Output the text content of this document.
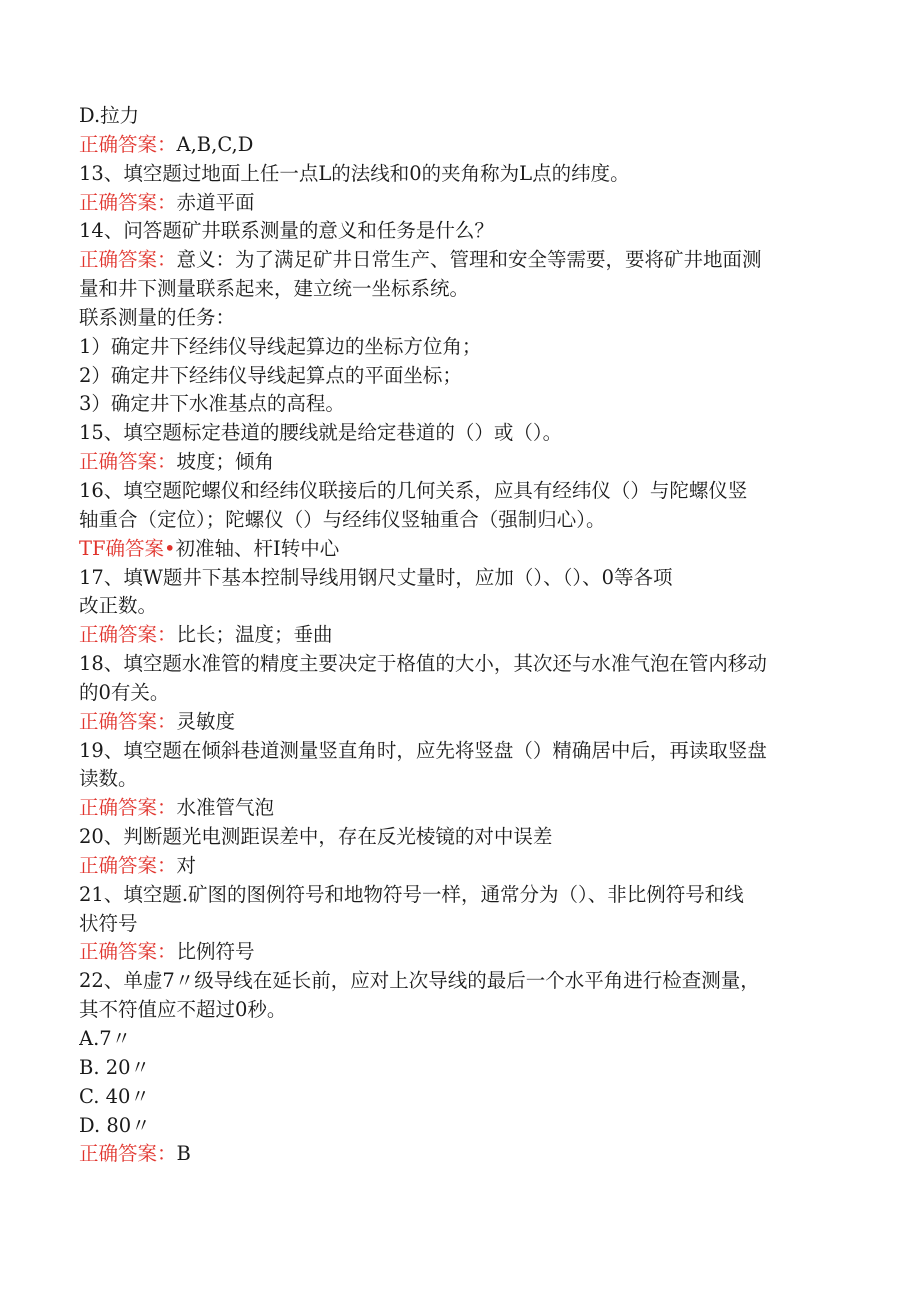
D.拉力
正确答案：A,B,C,D
13、填空题过地面上任一点L的法线和0的夹角称为L点的纬度。
正确答案：赤道平面
14、问答题矿井联系测量的意义和任务是什么？
正确答案：意义：为了满足矿井日常生产、管理和安全等需要，要将矿井地面测
量和井下测量联系起来，建立统一坐标系统。
联系测量的任务：
1）确定井下经纬仪导线起算边的坐标方位角；
2）确定井下经纬仪导线起算点的平面坐标；
3）确定井下水准基点的高程。
15、填空题标定巷道的腰线就是给定巷道的（）或（）。
正确答案：坡度；倾角
16、填空题陀螺仪和经纬仪联接后的几何关系，应具有经纬仪（）与陀螺仪竖
轴重合（定位）；陀螺仪（）与经纬仪竖轴重合（强制归心）。
TF确答案•初准轴、杆I转中心
17、填W题井下基本控制导线用钢尺丈量时，应加（）、（）、0等各项
改正数。
正确答案：比长；温度；垂曲
18、填空题水准管的精度主要决定于格值的大小，其次还与水准气泡在管内移动
的0有关。
正确答案：灵敏度
19、填空题在倾斜巷道测量竖直角时，应先将竖盘（）精确居中后，再读取竖盘
读数。
正确答案：水准管气泡
20、判断题光电测距误差中，存在反光棱镜的对中误差
正确答案：对
21、填空题.矿图的图例符号和地物符号一样，通常分为（）、非比例符号和线
状符号
正确答案：比例符号
22、单虚7〃级导线在延长前，应对上次导线的最后一个水平角进行检查测量，
其不符值应不超过0秒。
A.7〃
B. 20〃
C. 40〃
D. 80〃
正确答案：B
